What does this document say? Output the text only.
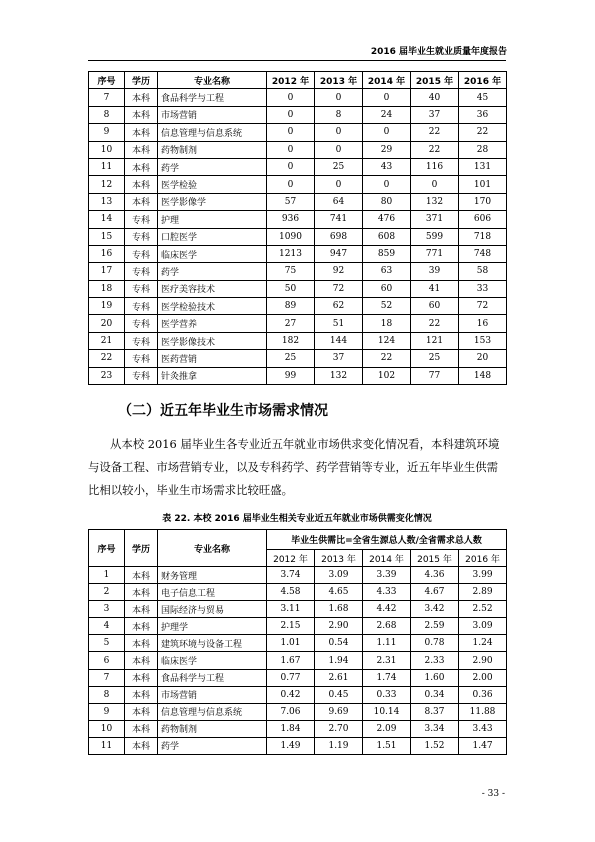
2016 届毕业生就业质量年度报告
序号	学历	专业名称	2012 年	2013 年	2014 年	2015 年	2016 年
7	本科	食品科学与工程	0	0	0	40	45
8	本科	市场营销	0	8	24	37	36
9	本科	信息管理与信息系统	0	0	0	22	22
10	本科	药物制剂	0	0	29	22	28
11	本科	药学	0	25	43	116	131
12	本科	医学检验	0	0	0	0	101
13	本科	医学影像学	57	64	80	132	170
14	专科	护理	936	741	476	371	606
15	专科	口腔医学	1090	698	608	599	718
16	专科	临床医学	1213	947	859	771	748
17	专科	药学	75	92	63	39	58
18	专科	医疗美容技术	50	72	60	41	33
19	专科	医学检验技术	89	62	52	60	72
20	专科	医学营养	27	51	18	22	16
21	专科	医学影像技术	182	144	124	121	153
22	专科	医药营销	25	37	22	25	20
23	专科	针灸推拿	99	132	102	77	148
（二）近五年毕业生市场需求情况

从本校 2016 届毕业生各专业近五年就业市场供求变化情况看，本科建筑环境与设备工程、市场营销专业，以及专科药学、药学营销等专业，近五年毕业生供需比相以较小，毕业生市场需求比较旺盛。

表 22. 本校 2016 届毕业生相关专业近五年就业市场供需变化情况
序号	学历	专业名称	毕业生供需比=全省生源总人数/全省需求总人数				
			2012 年	2013 年	2014 年	2015 年	2016 年
1	本科	财务管理	3.74	3.09	3.39	4.36	3.99
2	本科	电子信息工程	4.58	4.65	4.33	4.67	2.89
3	本科	国际经济与贸易	3.11	1.68	4.42	3.42	2.52
4	本科	护理学	2.15	2.90	2.68	2.59	3.09
5	本科	建筑环境与设备工程	1.01	0.54	1.11	0.78	1.24
6	本科	临床医学	1.67	1.94	2.31	2.33	2.90
7	本科	食品科学与工程	0.77	2.61	1.74	1.60	2.00
8	本科	市场营销	0.42	0.45	0.33	0.34	0.36
9	本科	信息管理与信息系统	7.06	9.69	10.14	8.37	11.88
10	本科	药物制剂	1.84	2.70	2.09	3.34	3.43
11	本科	药学	1.49	1.19	1.51	1.52	1.47
- 33 -
